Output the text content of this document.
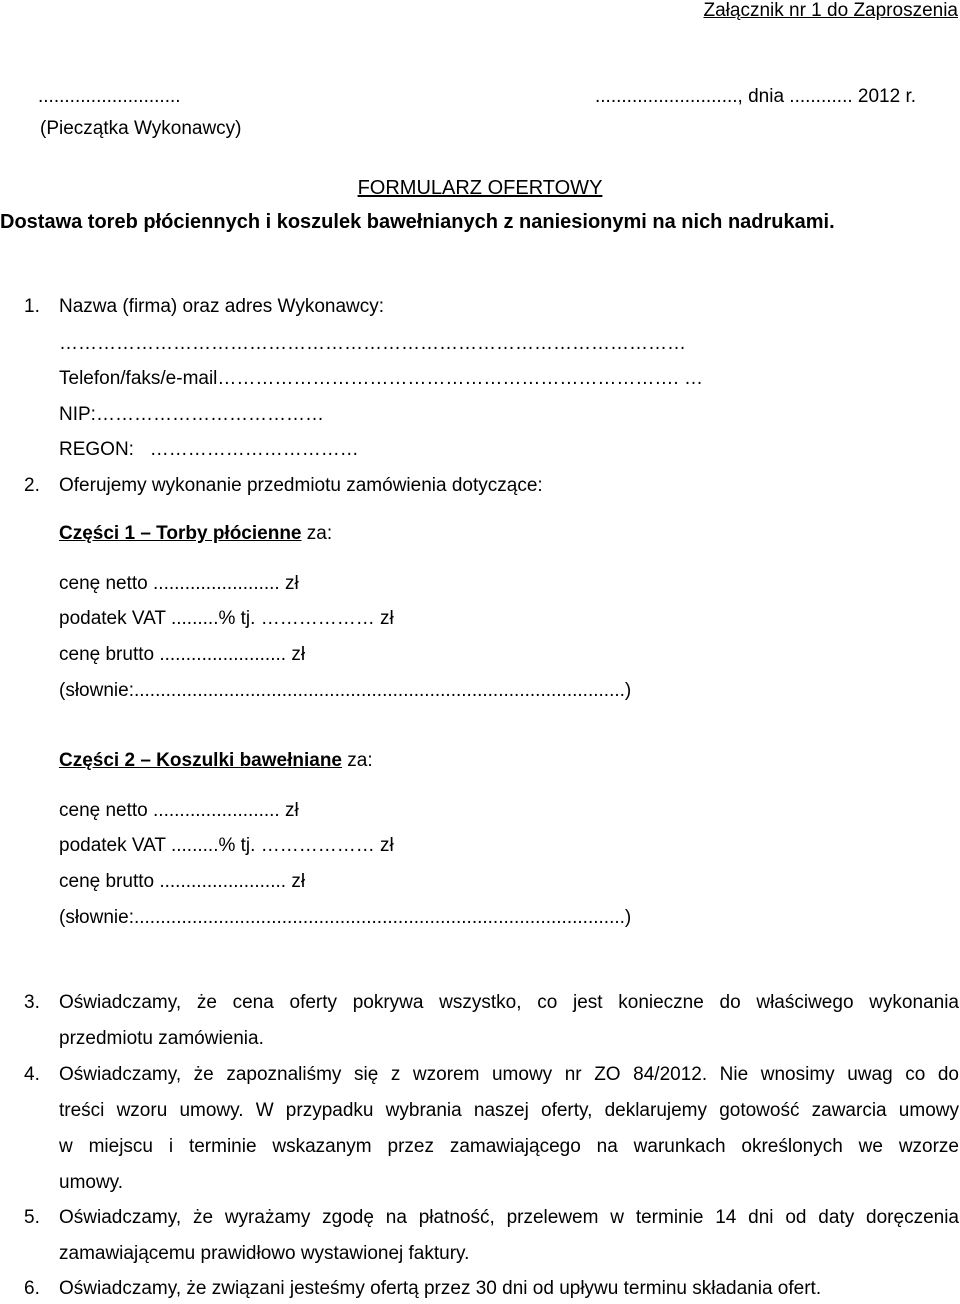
Załącznik nr 1 do Zaproszenia
...........................
(Pieczątka Wykonawcy)
..........................., dnia ............ 2012 r.
FORMULARZ OFERTOWY
Dostawa toreb płóciennych i koszulek bawełnianych z naniesionymi na nich nadrukami.
1. Nazwa (firma) oraz adres Wykonawcy:
………………………………………………………………………………………
Telefon/faks/e-mail………………………………………………………………. …
NIP:………………………………
REGON:   ……………………………
2. Oferujemy wykonanie przedmiotu zamówienia dotyczące:
Części 1 – Torby płócienne za:
cenę netto ........................ zł
podatek VAT .........% tj. ……………… zł
cenę brutto ........................ zł
(słownie:.............................................................................................)
Części 2 – Koszulki bawełniane za:
cenę netto ........................ zł
podatek VAT .........% tj. ……………… zł
cenę brutto ........................ zł
(słownie:.............................................................................................)
3. Oświadczamy, że cena oferty pokrywa wszystko, co jest konieczne do właściwego wykonania
przedmiotu zamówienia.
4. Oświadczamy, że zapoznaliśmy się z wzorem umowy nr ZO 84/2012. Nie wnosimy uwag co do
treści wzoru umowy. W przypadku wybrania naszej oferty, deklarujemy gotowość zawarcia umowy
w miejscu i terminie wskazanym przez zamawiającego na warunkach określonych we wzorze
umowy.
5. Oświadczamy, że wyrażamy zgodę na płatność, przelewem w terminie 14 dni od daty doręczenia
zamawiającemu prawidłowo wystawionej faktury.
6. Oświadczamy, że związani jesteśmy ofertą przez 30 dni od upływu terminu składania ofert.
